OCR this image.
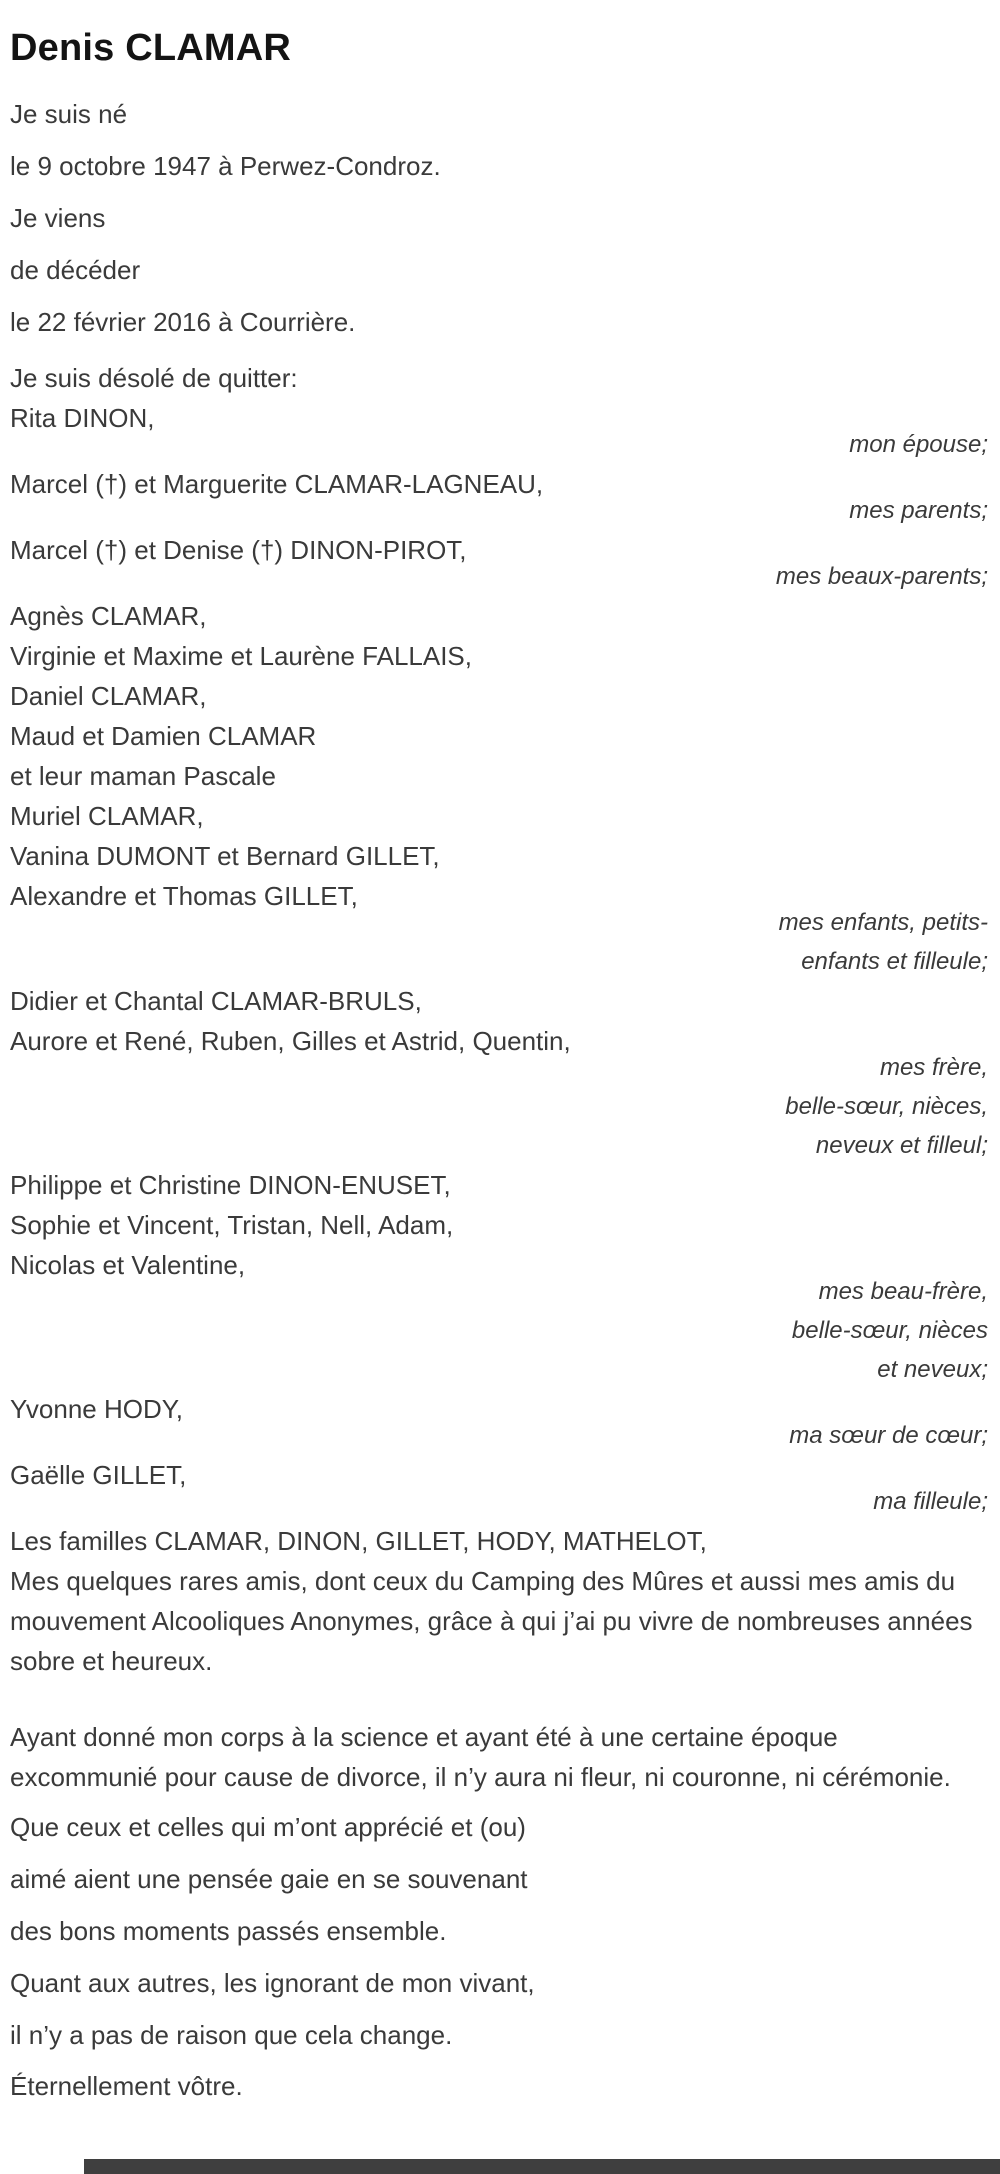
Denis CLAMAR

Je suis né

le 9 octobre 1947 à Perwez-Condroz.

Je viens

de décéder

le 22 février 2016 à Courrière.

Je suis désolé de quitter:

Rita DINON,

mon épouse;

Marcel (†) et Marguerite CLAMAR-LAGNEAU,

mes parents;

Marcel (†) et Denise (†) DINON-PIROT,

mes beaux-parents;

Agnès CLAMAR,

Virginie et Maxime et Laurène FALLAIS,

Daniel CLAMAR,

Maud et Damien CLAMAR

et leur maman Pascale

Muriel CLAMAR,

Vanina DUMONT et Bernard GILLET,

Alexandre et Thomas GILLET,

mes enfants, petits-

enfants et filleule;

Didier et Chantal CLAMAR-BRULS,

Aurore et René, Ruben, Gilles et Astrid, Quentin,

mes frère,

belle-sœur, nièces,

neveux et filleul;

Philippe et Christine DINON-ENUSET,

Sophie et Vincent, Tristan, Nell, Adam,

Nicolas et Valentine,

mes beau-frère,

belle-sœur, nièces

et neveux;

Yvonne HODY,

ma sœur de cœur;

Gaëlle GILLET,

ma filleule;

Les familles CLAMAR, DINON, GILLET, HODY, MATHELOT,

Mes quelques rares amis, dont ceux du Camping des Mûres et aussi mes amis du mouvement Alcooliques Anonymes, grâce à qui j’ai pu vivre de nombreuses années sobre et heureux.

Ayant donné mon corps à la science et ayant été à une certaine époque excommunié pour cause de divorce, il n’y aura ni fleur, ni couronne, ni cérémonie.

Que ceux et celles qui m’ont apprécié et (ou)

aimé aient une pensée gaie en se souvenant

des bons moments passés ensemble.

Quant aux autres, les ignorant de mon vivant,

il n’y a pas de raison que cela change.

Éternellement vôtre.
